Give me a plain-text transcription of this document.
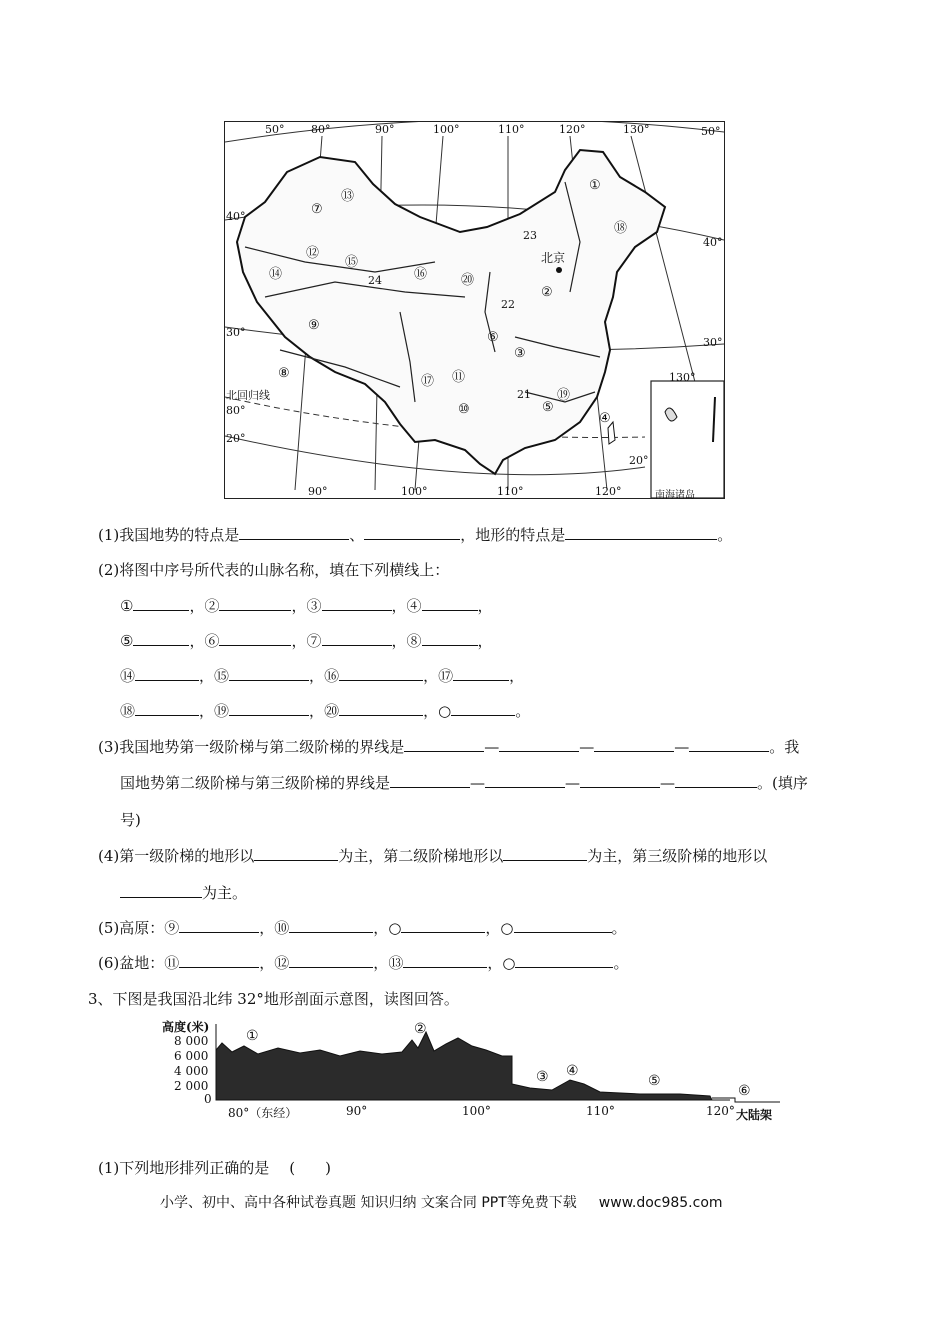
50° 80°	90°	100°	110°	120°	130°	50°
40°
40°
30°
30°
20°
20°
80°
北回归线
130°
90°	100°	110°	120°
北京
南海诸岛
①
②
③
④
⑤
⑥
⑦
⑧
⑨
⑩
⑪
⑫
⑬
⑭
⑮
⑯
⑰
⑱
⑲
⑳
21
22
23
24
(1)我国地势的特点是	、	，地形的特点是	。
(2)将图中序号所代表的山脉名称，填在下列横线上：
①	，②	，③	，④	，
⑤	，⑥	，⑦	，⑧	，
⑭	，⑮	，⑯	，⑰	，
⑱	，⑲	，⑳	，○	。
(3)我国地势第一级阶梯与第二级阶梯的界线是	—	—	—	。我
国地势第二级阶梯与第三级阶梯的界线是	—	—	—	。(填序
号)
(4)第一级阶梯的地形以	为主，第二级阶梯地形以	为主，第三级阶梯的地形以
为主。
(5)高原：⑨	，⑩	，○	，○	。
(6)盆地：⑪	，⑫	，⑬	，○	。
3、下图是我国沿北纬 32°地形剖面示意图，读图回答。
高度(米)
8 000
6 000
4 000
2 000
0
80°（东经）	90°	100°	110°	120° 大陆架
①	②
③ ④
⑤
⑥
(1)下列地形排列正确的是 (　　)
小学、初中、高中各种试卷真题 知识归纳 文案合同 PPT等免费下载 www.doc985.com
